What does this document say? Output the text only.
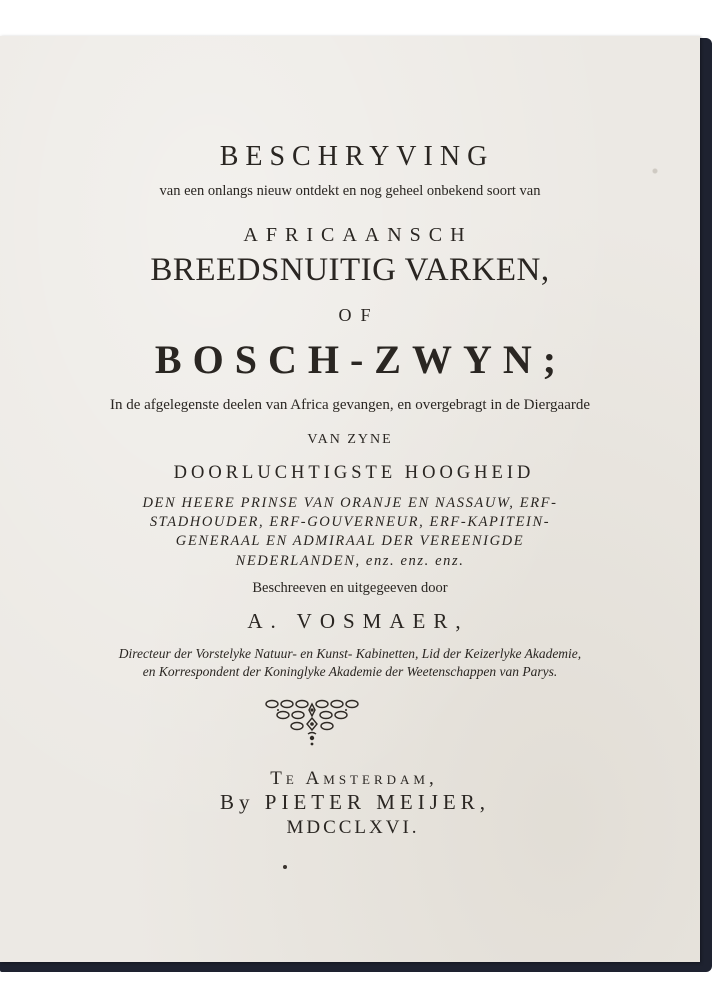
BESCHRYVING
van een onlangs nieuw ontdekt en nog geheel onbekend soort van
AFRICAANSCH
BREEDSNUITIG VARKEN,
OF
BOSCH-ZWYN;
In de afgelegenste deelen van Africa gevangen, en overgebragt in de Diergaarde
VAN ZYNE
DOORLUCHTIGSTE HOOGHEID
DEN HEERE PRINSE VAN ORANJE EN NASSAUW, ERF-
STADHOUDER, ERF-GOUVERNEUR, ERF-KAPITEIN-
GENERAAL EN ADMIRAAL DER VEREENIGDE
NEDERLANDEN, enz. enz. enz.
Beschreeven en uitgegeeven door
A. VOSMAER,
Directeur der Vorstelyke Natuur- en Kunst- Kabinetten, Lid der Keizerlyke Akademie,
en Korrespondent der Koninglyke Akademie der Weetenschappen van Parys.
Te Amsterdam,
By PIETER MEIJER,
MDCCLXVI.
